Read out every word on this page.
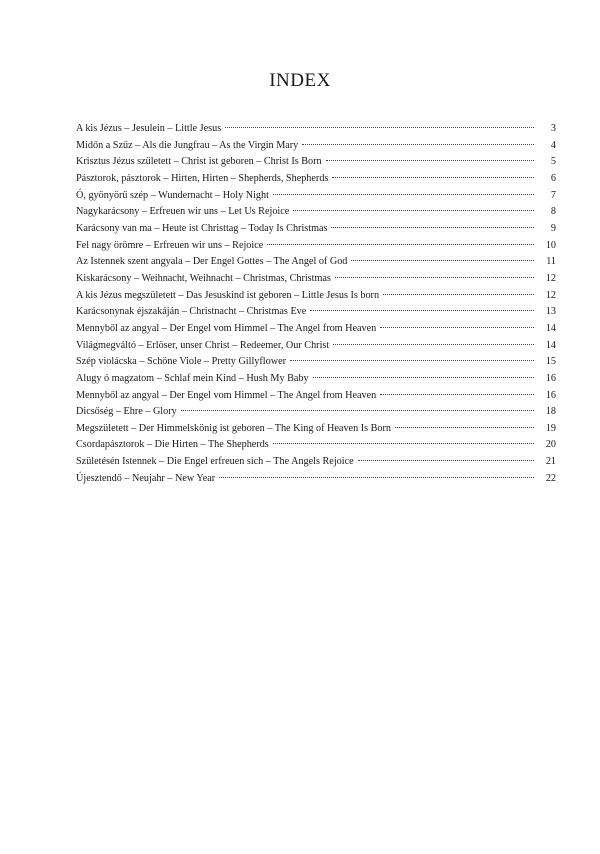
INDEX
A kis Jézus – Jesulein – Little Jesus	3
Midőn a Szűz – Als die Jungfrau – As the Virgin Mary	4
Krisztus Jézus született – Christ ist geboren – Christ Is Born	5
Pásztorok, pásztorok – Hirten, Hirten – Shepherds, Shepherds	6
Ó, gyönyörű szép – Wundernacht – Holy Night	7
Nagykarácsony – Erfreuen wir uns – Let Us Rejoice	8
Karácsony van ma – Heute ist Christtag – Today Is Christmas	9
Fel nagy örömre – Erfreuen wir uns – Rejoice	10
Az Istennek szent angyala – Der Engel Gottes – The Angel of God	11
Kiskarácsony – Weihnacht, Weihnacht – Christmas, Christmas	12
A kis Jézus megszületett – Das Jesuskind ist geboren – Little Jesus Is born	12
Karácsonynak éjszakáján – Christnacht – Christmas Eve	13
Mennyből az angyal – Der Engel vom Himmel – The Angel from Heaven	14
Világmegváltó – Erlöser, unser Christ – Redeemer, Our Christ	14
Szép violácska – Schöne Viole – Pretty Gillyflower	15
Alugy ó magzatom – Schlaf mein Kind – Hush My Baby	16
Mennyből az angyal – Der Engel vom Himmel – The Angel from Heaven	16
Dicsőség – Ehre – Glory	18
Megszületett – Der Himmelskönig ist geboren – The King of Heaven Is Born	19
Csordapásztorok – Die Hirten – The Shepherds	20
Születésén Istennek – Die Engel erfreuen sich – The Angels Rejoice	21
Újesztendő – Neujahr – New Year	22
